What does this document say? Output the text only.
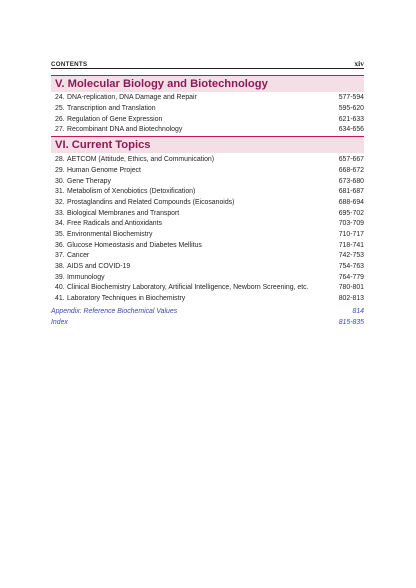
CONTENTS	xiv
V. Molecular Biology and Biotechnology
24. DNA-replication, DNA Damage and Repair	577-594
25. Transcription and Translation	595-620
26. Regulation of Gene Expression	621-633
27. Recombinant DNA and Biotechnology	634-656
VI. Current Topics
28. AETCOM (Attitude, Ethics, and Communication)	657-667
29. Human Genome Project	668-672
30. Gene Therapy	673-680
31. Metabolism of Xenobiotics (Detoxification)	681-687
32. Prostaglandins and Related Compounds (Eicosanoids)	688-694
33. Biological Membranes and Transport	695-702
34. Free Radicals and Antioxidants	703-709
35. Environmental Biochemistry	710-717
36. Glucose Homeostasis and Diabetes Mellitus	718-741
37. Cancer	742-753
38. AIDS and COVID-19	754-763
39. Immunology	764-779
40. Clinical Biochemistry Laboratory, Artificial Intelligence, Newborn Screening, etc.	780-801
41. Laboratory Techniques in Biochemistry	802-813
Appendix: Reference Biochemical Values	814
Index	815-835
